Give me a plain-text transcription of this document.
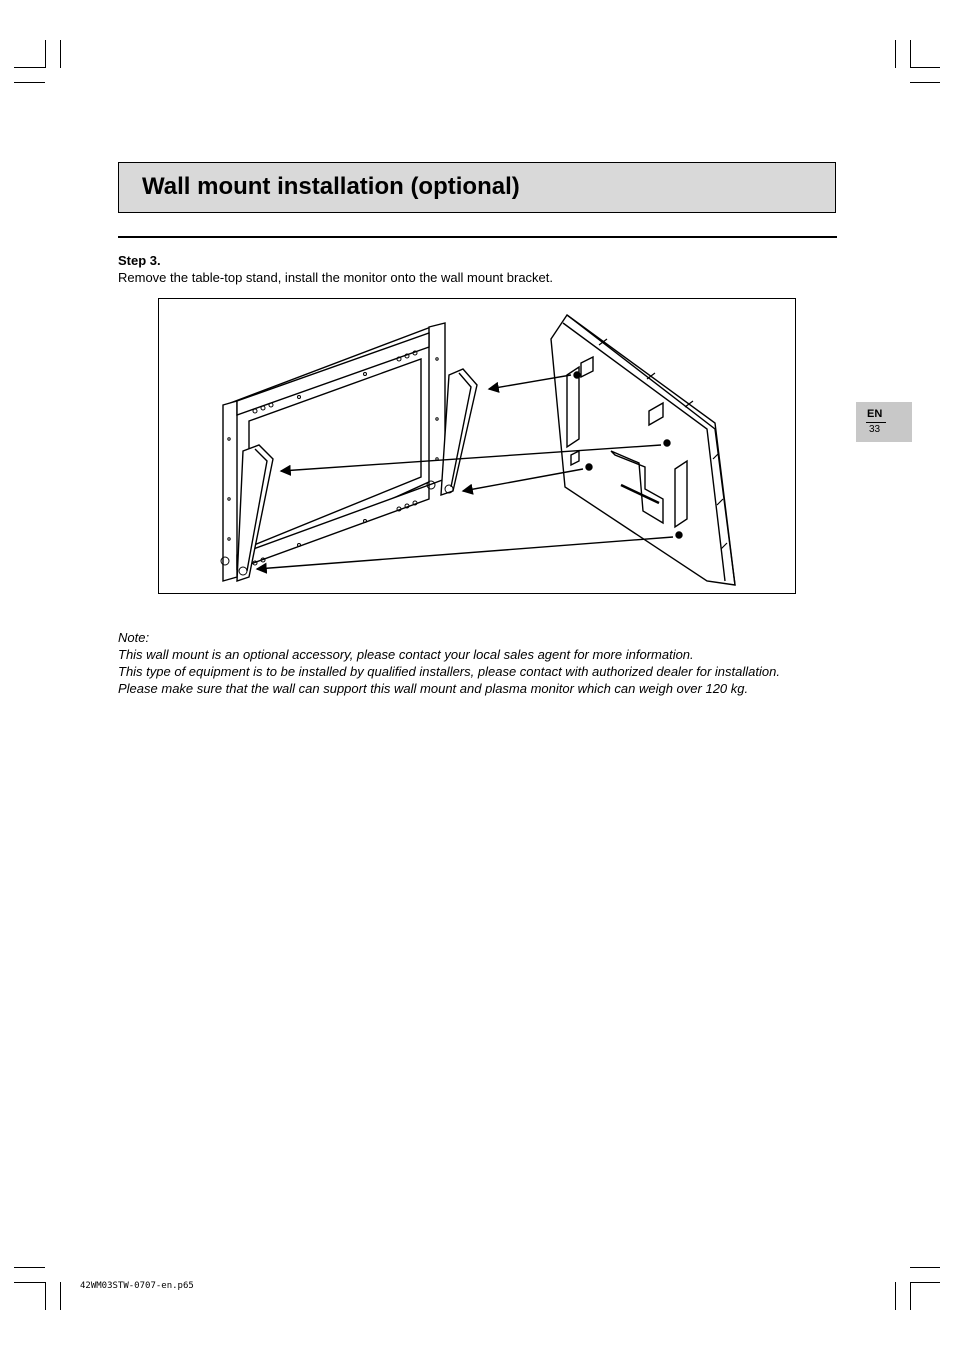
Wall mount installation (optional)
Step 3.
Remove the table-top stand, install the monitor onto the wall mount bracket.

Note:

This wall mount is an optional accessory, please contact your local sales agent for more information.

This type of equipment is to be installed by qualified installers, please contact with authorized dealer for installation.

Please make sure that the wall can support this wall mount and plasma monitor which can weigh over 120 kg.

EN
33
42WM03STW-0707-en.p65
